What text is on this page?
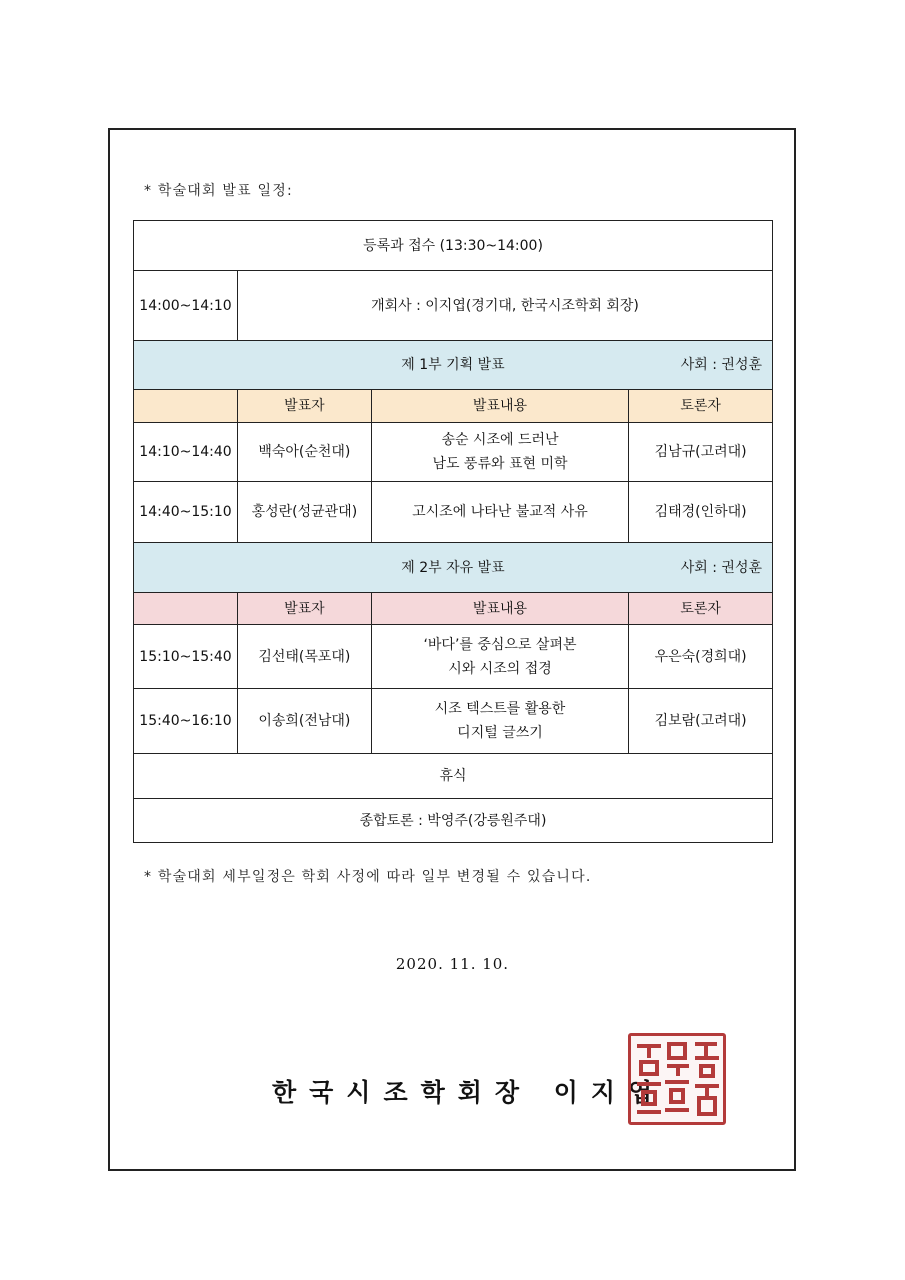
* 학술대회 발표 일정:
등록과 접수 (13:30~14:00)			
14:00~14:10	개회사 : 이지엽(경기대, 한국시조학회 회장)		
제 1부 기획 발표 사회 : 권성훈			

	발표자	발표내용	토론자
14:10~14:40	백숙아(순천대)	송순 시조에 드러난
남도 풍류와 표현 미학	김남규(고려대)
14:40~15:10	홍성란(성균관대)	고시조에 나타난 불교적 사유	김태경(인하대)
제 2부 자유 발표 사회 : 권성훈			

	발표자	발표내용	토론자
15:10~15:40	김선태(목포대)	‘바다’를 중심으로 살펴본
시와 시조의 접경	우은숙(경희대)
15:40~16:10	이송희(전남대)	시조 텍스트를 활용한
디지털 글쓰기	김보람(고려대)
휴식			
종합토론 : 박영주(강릉원주대)			
* 학술대회 세부일정은 학회 사정에 따라 일부 변경될 수 있습니다.
2020. 11. 10.
한국시조학회장 이지엽
